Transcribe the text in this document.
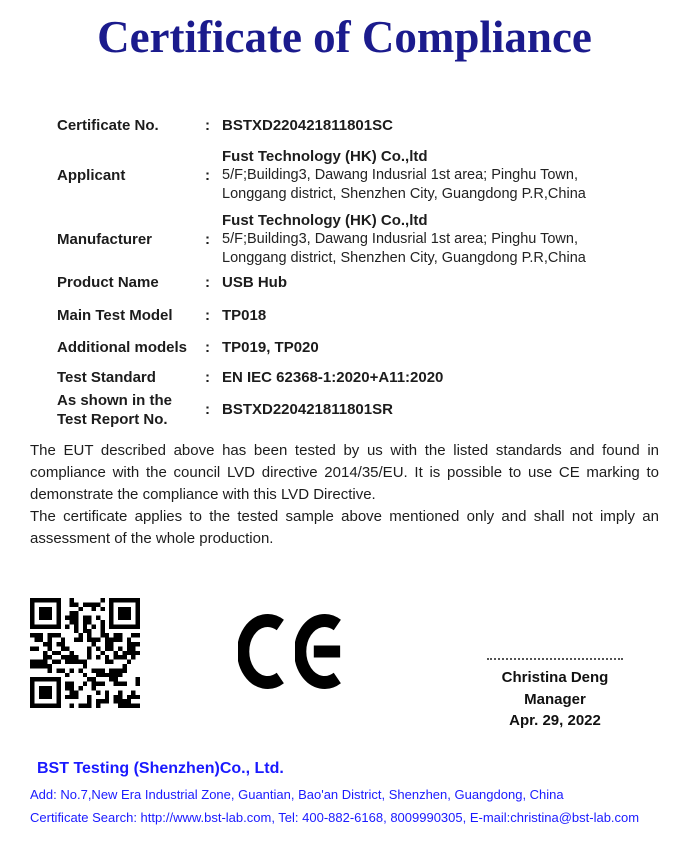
Certificate of Compliance
Certificate No.	: BSTXD220421811801SC
Applicant	:
Fust Technology (HK) Co.,ltd
5/F;Building3, Dawang Indusrial 1st area; Pinghu Town,
Longgang district, Shenzhen City, Guangdong P.R,China
Manufacturer	:
Fust Technology (HK) Co.,ltd
5/F;Building3, Dawang Indusrial 1st area; Pinghu Town,
Longgang district, Shenzhen City, Guangdong P.R,China
Product Name	: USB Hub
Main Test Model	: TP018
Additional models	: TP019, TP020
Test Standard	: EN IEC 62368-1:2020+A11:2020
As shown in the
Test Report No.
: BSTXD220421811801SR

The EUT described above has been tested by us with the listed standards and found in compliance with the council LVD directive 2014/35/EU. It is possible to use CE marking to demonstrate the compliance with this LVD Directive.

The certificate applies to the tested sample above mentioned only and shall not imply an assessment of the whole production.

Christina Deng
Manager
Apr. 29, 2022
BST Testing (Shenzhen)Co., Ltd.
Add: No.7,New Era Industrial Zone, Guantian, Bao'an District, Shenzhen, Guangdong, China
Certificate Search: http://www.bst-lab.com, Tel: 400-882-6168, 8009990305, E-mail:christina@bst-lab.com
